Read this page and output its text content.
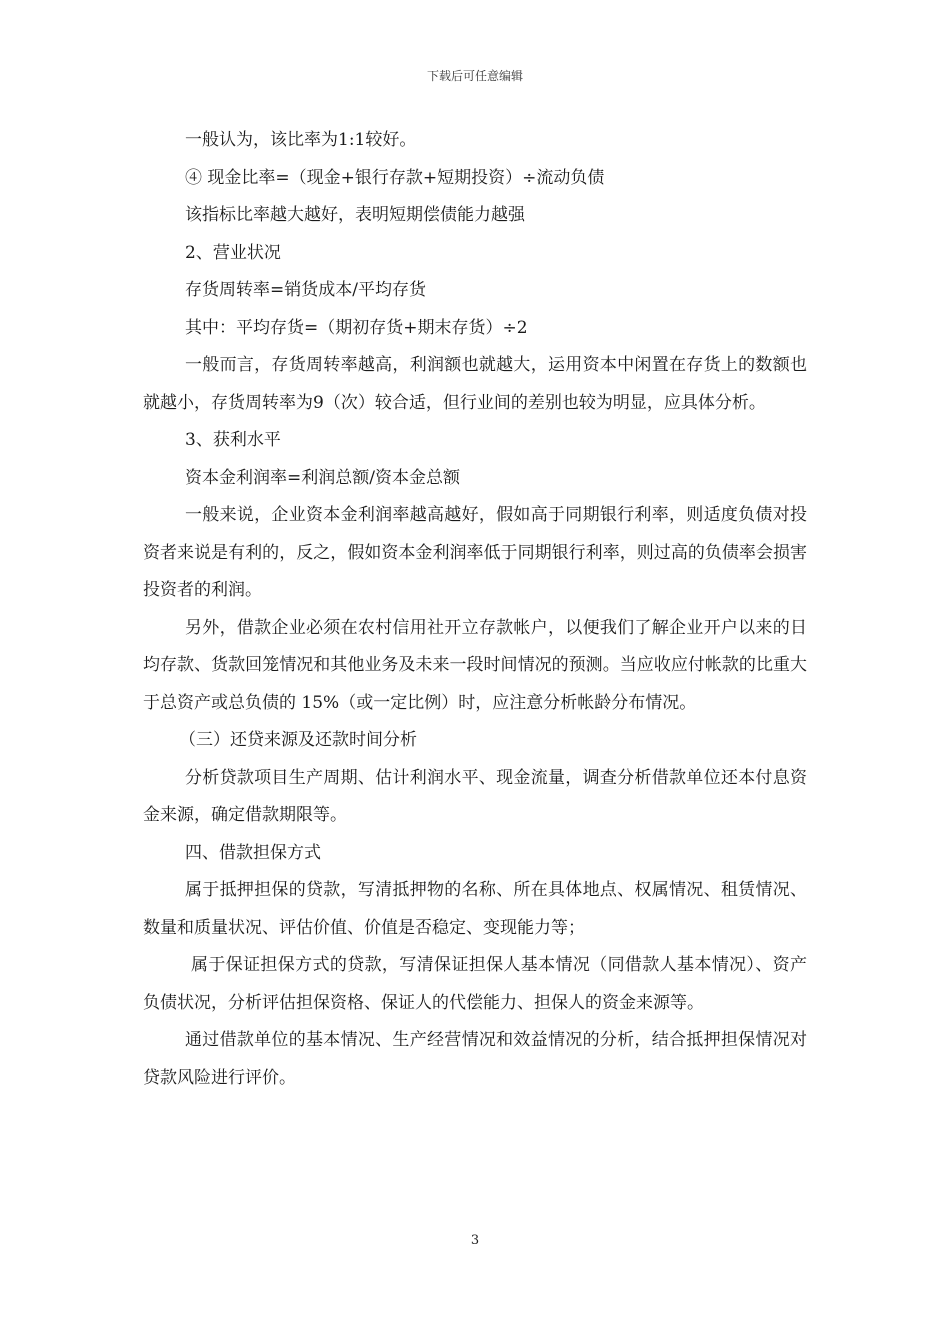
下载后可任意编辑

一般认为，该比率为1:1较好。

④ 现金比率=（现金+银行存款+短期投资）÷流动负债

该指标比率越大越好，表明短期偿债能力越强

2、营业状况

存货周转率=销货成本/平均存货

其中：平均存货=（期初存货+期末存货）÷2

一般而言，存货周转率越高，利润额也就越大，运用资本中闲置在存货上的数额也就越小，存货周转率为9（次）较合适，但行业间的差别也较为明显，应具体分析。

3、获利水平

资本金利润率=利润总额/资本金总额

一般来说，企业资本金利润率越高越好，假如高于同期银行利率，则适度负债对投资者来说是有利的，反之，假如资本金利润率低于同期银行利率，则过高的负债率会损害投资者的利润。

另外，借款企业必须在农村信用社开立存款帐户，以便我们了解企业开户以来的日均存款、货款回笼情况和其他业务及未来一段时间情况的预测。当应收应付帐款的比重大于总资产或总负债的 15%（或一定比例）时，应注意分析帐龄分布情况。

（三）还贷来源及还款时间分析

分析贷款项目生产周期、估计利润水平、现金流量，调查分析借款单位还本付息资金来源，确定借款期限等。

四、借款担保方式

属于抵押担保的贷款，写清抵押物的名称、所在具体地点、权属情况、租赁情况、数量和质量状况、评估价值、价值是否稳定、变现能力等；

属于保证担保方式的贷款，写清保证担保人基本情况（同借款人基本情况）、资产负债状况，分析评估担保资格、保证人的代偿能力、担保人的资金来源等。

通过借款单位的基本情况、生产经营情况和效益情况的分析，结合抵押担保情况对贷款风险进行评价。

3
